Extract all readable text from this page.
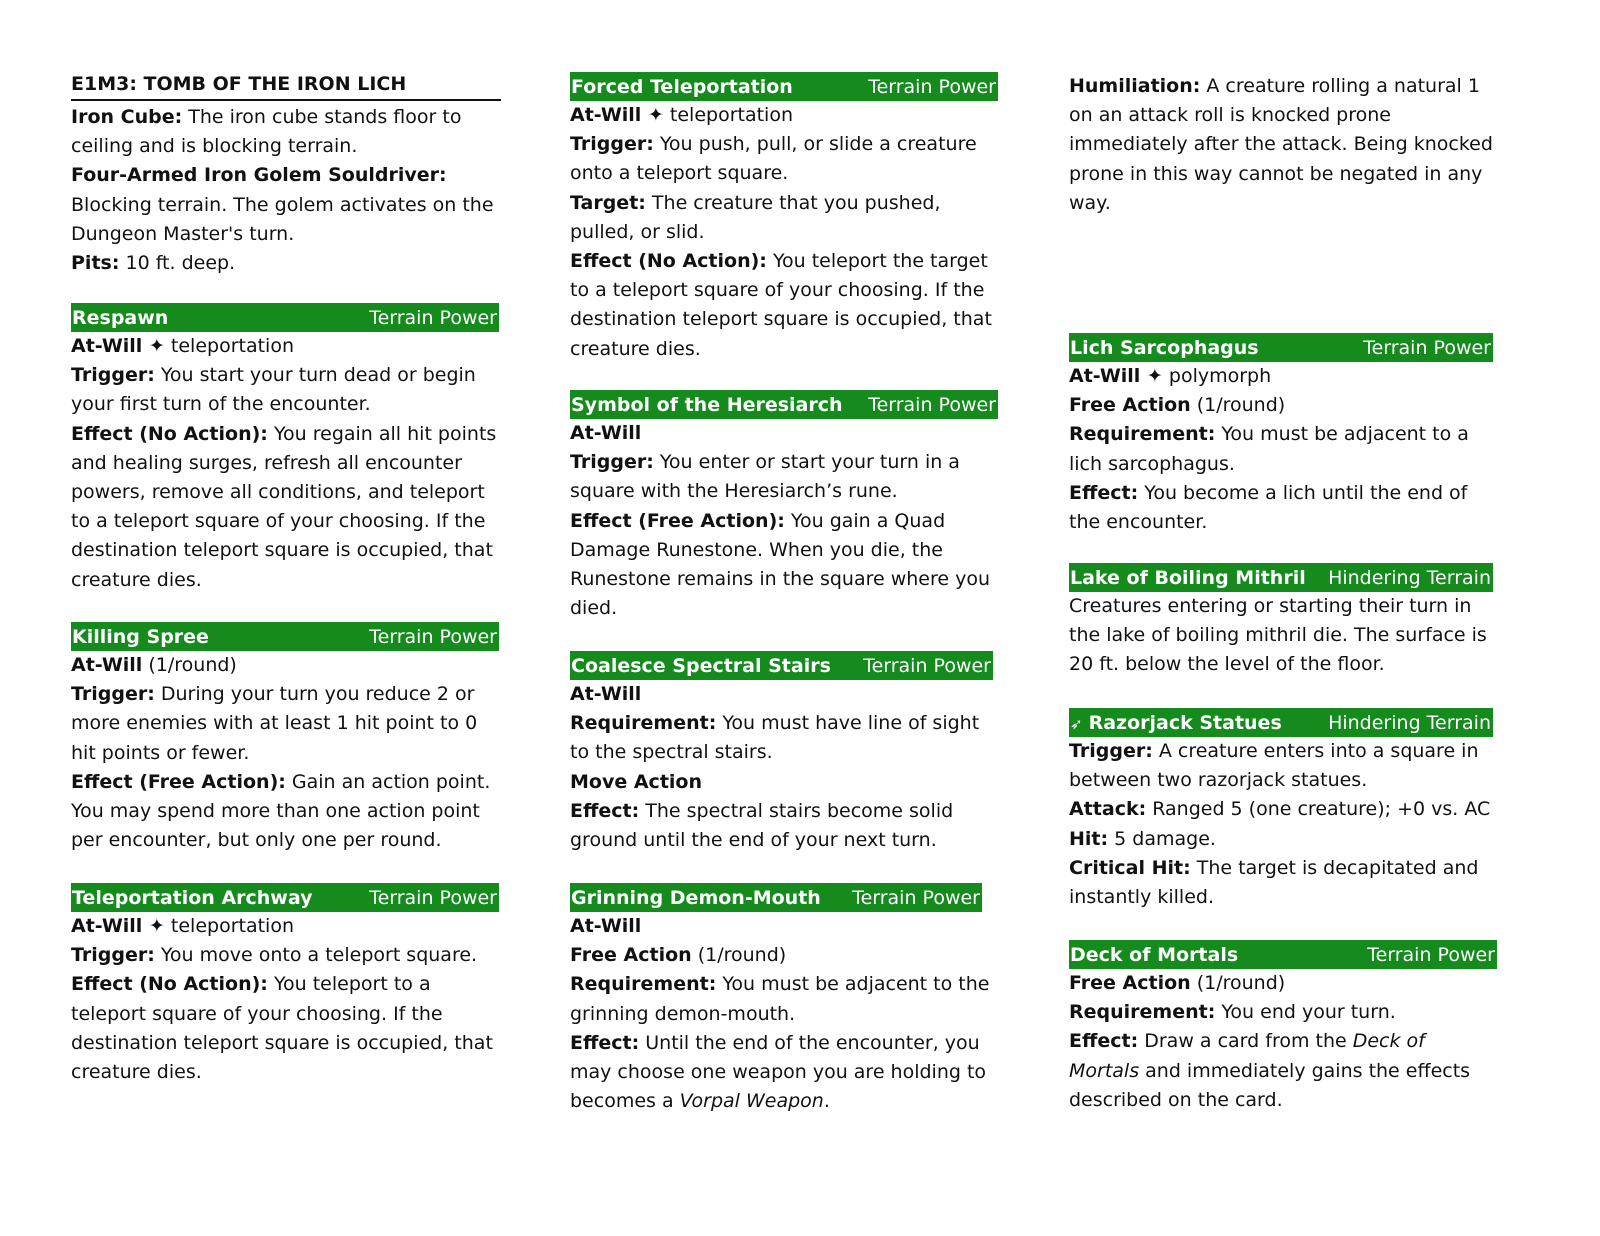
E1M3: TOMB OF THE IRON LICH

Iron Cube: The iron cube stands floor to ceiling and is blocking terrain.

Four-Armed Iron Golem Souldriver: Blocking terrain. The golem activates on the Dungeon Master's turn.

Pits: 10 ft. deep.

Respawn	Terrain Power

At-Will ✦ teleportation

Trigger: You start your turn dead or begin your first turn of the encounter.

Effect (No Action): You regain all hit points and healing surges, refresh all encounter powers, remove all conditions, and teleport to a teleport square of your choosing. If the destination teleport square is occupied, that creature dies.

Killing Spree	Terrain Power

At-Will (1/round)

Trigger: During your turn you reduce 2 or more enemies with at least 1 hit point to 0 hit points or fewer.

Effect (Free Action): Gain an action point. You may spend more than one action point per encounter, but only one per round.

Teleportation Archway	Terrain Power

At-Will ✦ teleportation

Trigger: You move onto a teleport square.

Effect (No Action): You teleport to a teleport square of your choosing. If the destination teleport square is occupied, that creature dies.

Forced Teleportation	Terrain Power

At-Will ✦ teleportation

Trigger: You push, pull, or slide a creature onto a teleport square.

Target: The creature that you pushed, pulled, or slid.

Effect (No Action): You teleport the target to a teleport square of your choosing. If the destination teleport square is occupied, that creature dies.

Symbol of the Heresiarch Terrain Power

At-Will

Trigger: You enter or start your turn in a square with the Heresiarch’s rune.

Effect (Free Action): You gain a Quad Damage Runestone. When you die, the Runestone remains in the square where you died.

Coalesce Spectral Stairs Terrain Power

At-Will

Requirement: You must have line of sight to the spectral stairs.

Move Action

Effect: The spectral stairs become solid ground until the end of your next turn.

Grinning Demon-Mouth Terrain Power

At-Will

Free Action (1/round)

Requirement: You must be adjacent to the grinning demon-mouth.

Effect: Until the end of the encounter, you may choose one weapon you are holding to becomes a Vorpal Weapon.

Humiliation: A creature rolling a natural 1 on an attack roll is knocked prone immediately after the attack. Being knocked prone in this way cannot be negated in any way.

Lich Sarcophagus	Terrain Power

At-Will ✦ polymorph

Free Action (1/round)

Requirement: You must be adjacent to a lich sarcophagus.

Effect: You become a lich until the end of the encounter.

Lake of Boiling Mithril Hindering Terrain

Creatures entering or starting their turn in the lake of boiling mithril die. The surface is 20 ft. below the level of the floor.

➶ Razorjack Statues Hindering Terrain

Trigger: A creature enters into a square in between two razorjack statues.

Attack: Ranged 5 (one creature); +0 vs. AC

Hit: 5 damage.

Critical Hit: The target is decapitated and instantly killed.

Deck of Mortals	Terrain Power

Free Action (1/round)

Requirement: You end your turn.

Effect: Draw a card from the Deck of Mortals and immediately gains the effects described on the card.
